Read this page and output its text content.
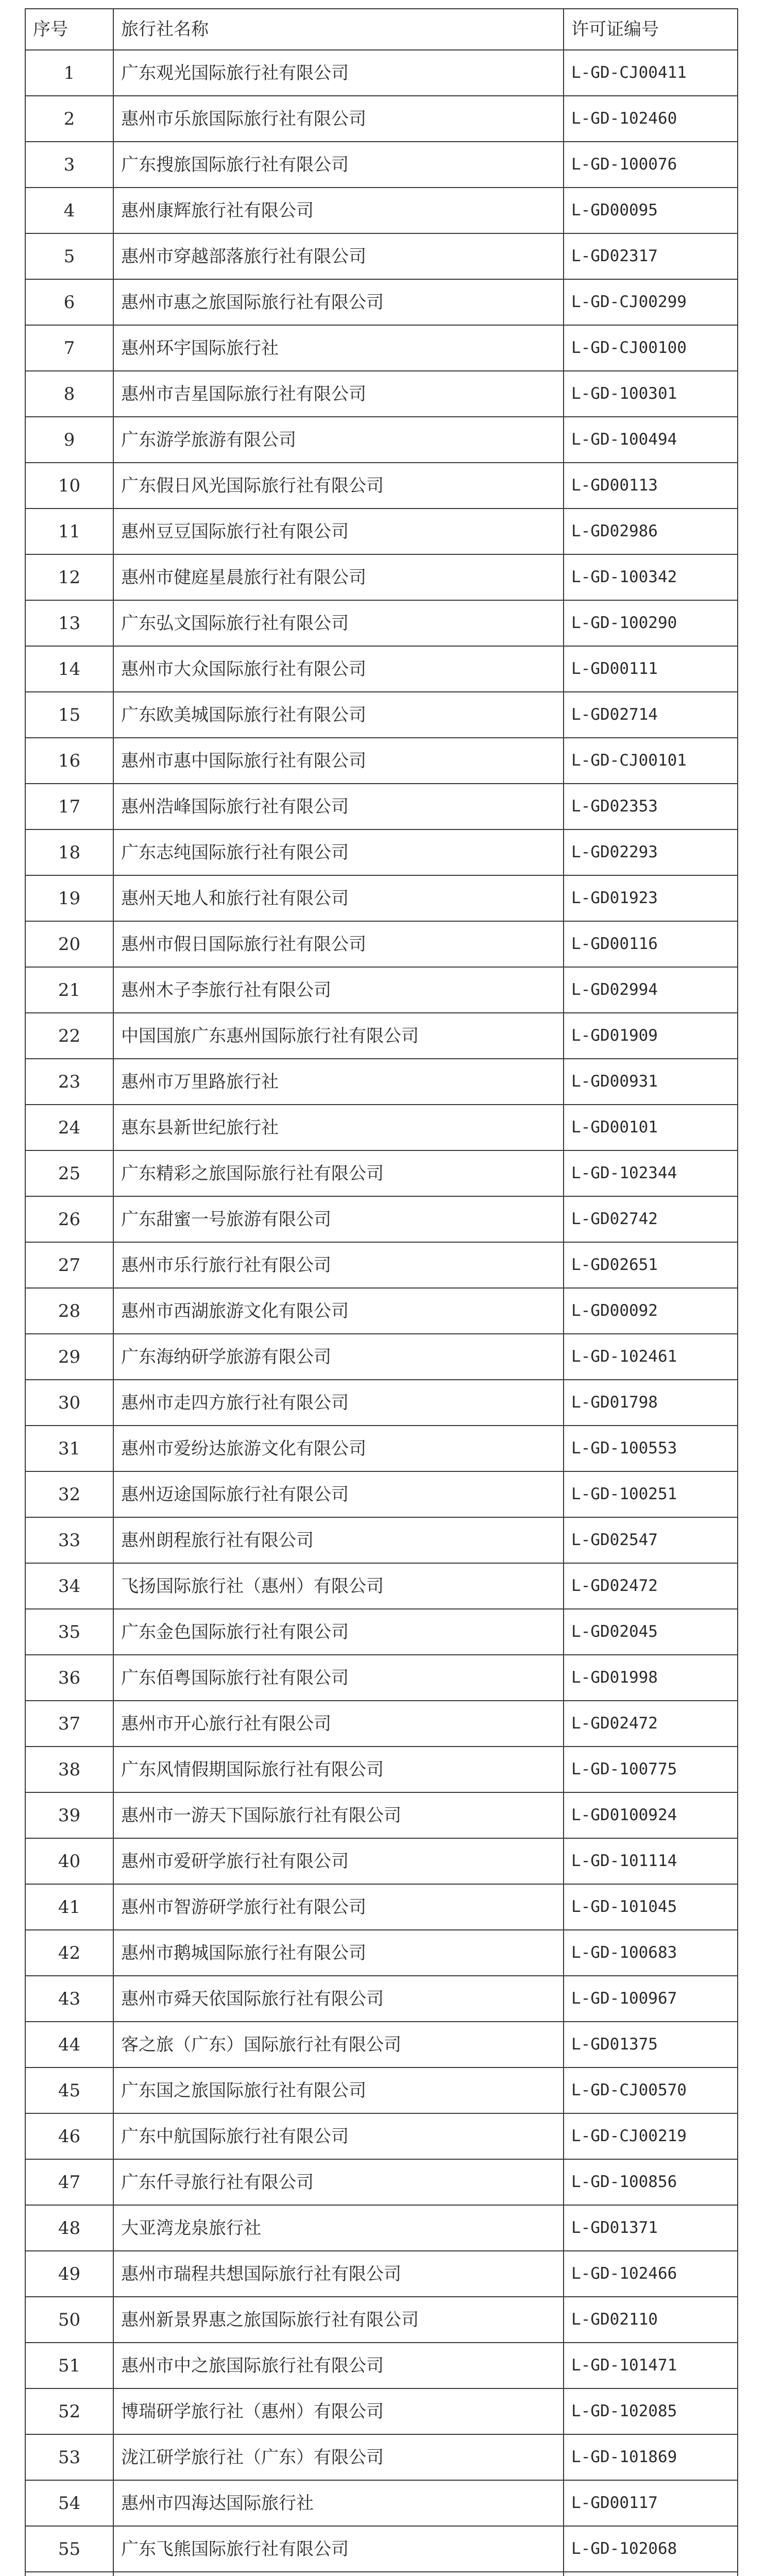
序号	旅行社名称	许可证编号
1	广东观光国际旅行社有限公司	L-GD-CJ00411
2	惠州市乐旅国际旅行社有限公司	L-GD-102460
3	广东搜旅国际旅行社有限公司	L-GD-100076
4	惠州康辉旅行社有限公司	L-GD00095
5	惠州市穿越部落旅行社有限公司	L-GD02317
6	惠州市惠之旅国际旅行社有限公司	L-GD-CJ00299
7	惠州环宇国际旅行社	L-GD-CJ00100
8	惠州市吉星国际旅行社有限公司	L-GD-100301
9	广东游学旅游有限公司	L-GD-100494
10	广东假日风光国际旅行社有限公司	L-GD00113
11	惠州豆豆国际旅行社有限公司	L-GD02986
12	惠州市健庭星晨旅行社有限公司	L-GD-100342
13	广东弘文国际旅行社有限公司	L-GD-100290
14	惠州市大众国际旅行社有限公司	L-GD00111
15	广东欧美城国际旅行社有限公司	L-GD02714
16	惠州市惠中国际旅行社有限公司	L-GD-CJ00101
17	惠州浩峰国际旅行社有限公司	L-GD02353
18	广东志纯国际旅行社有限公司	L-GD02293
19	惠州天地人和旅行社有限公司	L-GD01923
20	惠州市假日国际旅行社有限公司	L-GD00116
21	惠州木子李旅行社有限公司	L-GD02994
22	中国国旅广东惠州国际旅行社有限公司	L-GD01909
23	惠州市万里路旅行社	L-GD00931
24	惠东县新世纪旅行社	L-GD00101
25	广东精彩之旅国际旅行社有限公司	L-GD-102344
26	广东甜蜜一号旅游有限公司	L-GD02742
27	惠州市乐行旅行社有限公司	L-GD02651
28	惠州市西湖旅游文化有限公司	L-GD00092
29	广东海纳研学旅游有限公司	L-GD-102461
30	惠州市走四方旅行社有限公司	L-GD01798
31	惠州市爱纷达旅游文化有限公司	L-GD-100553
32	惠州迈途国际旅行社有限公司	L-GD-100251
33	惠州朗程旅行社有限公司	L-GD02547
34	飞扬国际旅行社（惠州）有限公司	L-GD02472
35	广东金色国际旅行社有限公司	L-GD02045
36	广东佰粤国际旅行社有限公司	L-GD01998
37	惠州市开心旅行社有限公司	L-GD02472
38	广东风情假期国际旅行社有限公司	L-GD-100775
39	惠州市一游天下国际旅行社有限公司	L-GD0100924
40	惠州市爱研学旅行社有限公司	L-GD-101114
41	惠州市智游研学旅行社有限公司	L-GD-101045
42	惠州市鹅城国际旅行社有限公司	L-GD-100683
43	惠州市舜天依国际旅行社有限公司	L-GD-100967
44	客之旅（广东）国际旅行社有限公司	L-GD01375
45	广东国之旅国际旅行社有限公司	L-GD-CJ00570
46	广东中航国际旅行社有限公司	L-GD-CJ00219
47	广东仟寻旅行社有限公司	L-GD-100856
48	大亚湾龙泉旅行社	L-GD01371
49	惠州市瑞程共想国际旅行社有限公司	L-GD-102466
50	惠州新景界惠之旅国际旅行社有限公司	L-GD02110
51	惠州市中之旅国际旅行社有限公司	L-GD-101471
52	博瑞研学旅行社（惠州）有限公司	L-GD-102085
53	泷江研学旅行社（广东）有限公司	L-GD-101869
54	惠州市四海达国际旅行社	L-GD00117
55	广东飞熊国际旅行社有限公司	L-GD-102068
